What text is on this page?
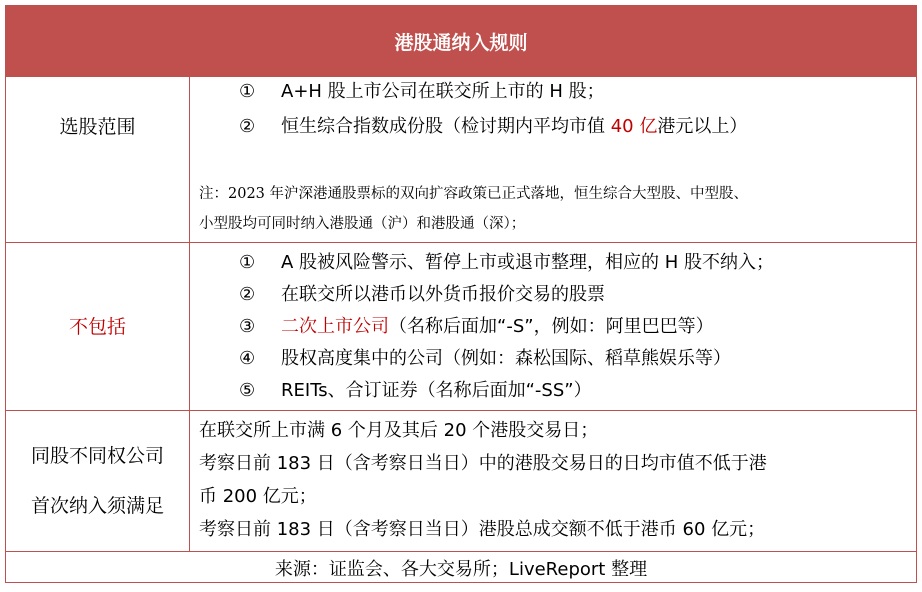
港股通纳入规则
选股范围
① A+H 股上市公司在联交所上市的 H 股；
② 恒生综合指数成份股（检讨期内平均市值 40 亿港元以上）
注：2023 年沪深港通股票标的双向扩容政策已正式落地，恒生综合大型股、中型股、
小型股均可同时纳入港股通（沪）和港股通（深）；
不包括
① A 股被风险警示、暂停上市或退市整理，相应的 H 股不纳入；
② 在联交所以港币以外货币报价交易的股票
③ 二次上市公司（名称后面加“-S”，例如：阿里巴巴等）
④ 股权高度集中的公司（例如：森松国际、稻草熊娱乐等）
⑤ REITs、合订证券（名称后面加“-SS”）
同股不同权公司
首次纳入须满足
在联交所上市满 6 个月及其后 20 个港股交易日；
考察日前 183 日（含考察日当日）中的港股交易日的日均市值不低于港
币 200 亿元；
考察日前 183 日（含考察日当日）港股总成交额不低于港币 60 亿元；
来源：证监会、各大交易所；LiveReport 整理
